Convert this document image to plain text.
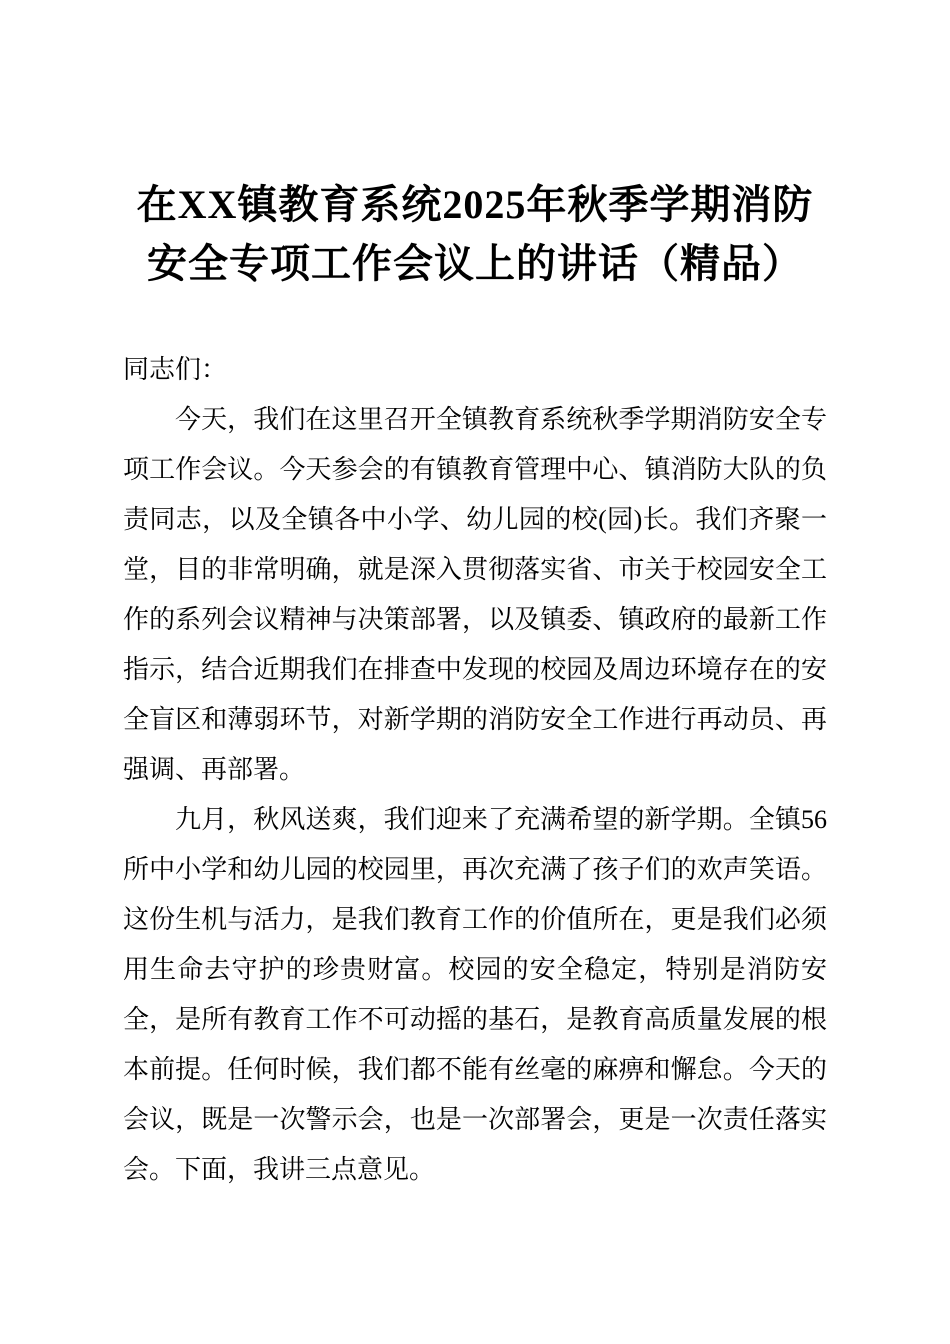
在XX镇教育系统2025年秋季学期消防安全专项工作会议上的讲话（精品）

同志们：

今天，我们在这里召开全镇教育系统秋季学期消防安全专项工作会议。今天参会的有镇教育管理中心、镇消防大队的负责同志，以及全镇各中小学、幼儿园的校(园)长。我们齐聚一堂，目的非常明确，就是深入贯彻落实省、市关于校园安全工作的系列会议精神与决策部署，以及镇委、镇政府的最新工作指示，结合近期我们在排查中发现的校园及周边环境存在的安全盲区和薄弱环节，对新学期的消防安全工作进行再动员、再强调、再部署。

九月，秋风送爽，我们迎来了充满希望的新学期。全镇56所中小学和幼儿园的校园里，再次充满了孩子们的欢声笑语。这份生机与活力，是我们教育工作的价值所在，更是我们必须用生命去守护的珍贵财富。校园的安全稳定，特别是消防安全，是所有教育工作不可动摇的基石，是教育高质量发展的根本前提。任何时候，我们都不能有丝毫的麻痹和懈怠。今天的会议，既是一次警示会，也是一次部署会，更是一次责任落实会。下面，我讲三点意见。
